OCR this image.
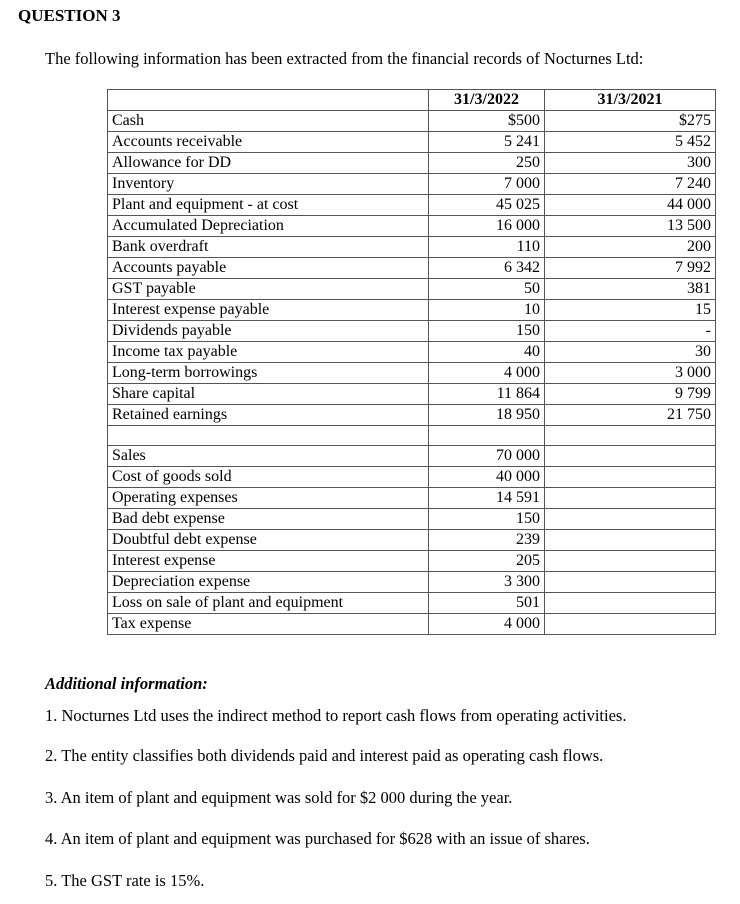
QUESTION 3
The following information has been extracted from the financial records of Nocturnes Ltd:
	31/3/2022	31/3/2021
Cash	$500	$275
Accounts receivable	5 241	5 452
Allowance for DD	250	300
Inventory	7 000	7 240
Plant and equipment - at cost	45 025	44 000
Accumulated Depreciation	16 000	13 500
Bank overdraft	110	200
Accounts payable	6 342	7 992
GST payable	50	381
Interest expense payable	10	15
Dividends payable	150	-
Income tax payable	40	30
Long-term borrowings	4 000	3 000
Share capital	11 864	9 799
Retained earnings	18 950	21 750

Sales	70 000	
Cost of goods sold	40 000	
Operating expenses	14 591	
Bad debt expense	150	
Doubtful debt expense	239	
Interest expense	205	
Depreciation expense	3 300	
Loss on sale of plant and equipment	501	
Tax expense	4 000	
Additional information:
1. Nocturnes Ltd uses the indirect method to report cash flows from operating activities.
2. The entity classifies both dividends paid and interest paid as operating cash flows.
3. An item of plant and equipment was sold for $2 000 during the year.
4. An item of plant and equipment was purchased for $628 with an issue of shares.
5. The GST rate is 15%.
